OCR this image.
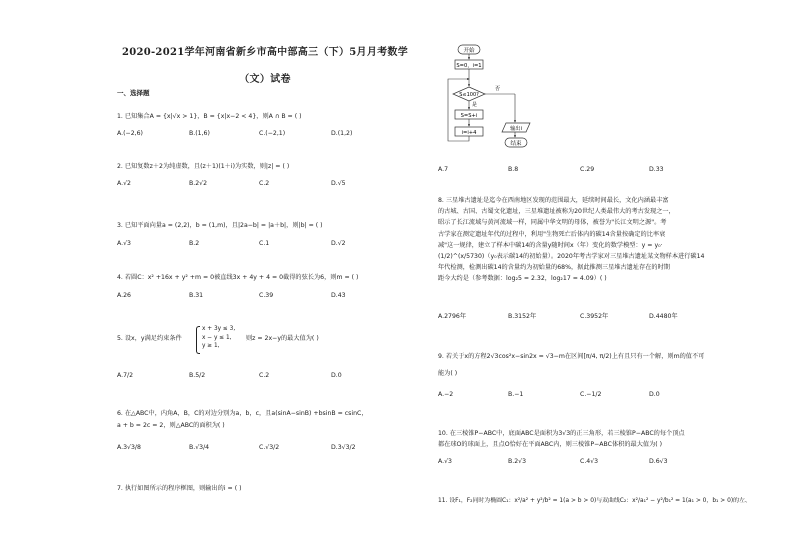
2020-2021学年河南省新乡市高中部高三（下）5月月考数学
（文）试卷
一、选择题
1. 已知集合A = {x|√x > 1}，B = {x|x−2 < 4}，则A ∩ B = ( )
A.(−2,6)	B.(1,6)	C.(−2,1)	D.(1,2)
2. 已知复数z＋2为纯虚数，且(z＋1)(1＋i)为实数，则|z| = ( )
A.√2	B.2√2	C.2	D.√5
3. 已知平面向量a = (2,2)，b = (1,m)，且|2a−b| = |a＋b|，则|b| = ( )
A.√3	B.2	C.1	D.√2
4. 若圆C：x² +16x + y² +m = 0被直线3x + 4y + 4 = 0截得的弦长为6，则m = ( )
A.26	B.31	C.39	D.43
5. 设x，y满足约束条件
x + 3y ≤ 3,
x − y ≤ 1,
y ≥ 1,
则z = 2x−y的最大值为( )
A.7/2	B.5/2	C.2	D.0
6. 在△ABC中，内角A，B，C的对边分别为a，b，c，且a(sinA−sinB) +bsinB = csinC，
a + b = 2c = 2，则△ABC的面积为( )
A.3√3/8	B.√3/4	C.√3/2	D.3√3/2
7. 执行如图所示的程序框图，则输出的i = ( )
开始
S=0，i=1
S≤100?
否
输出i
结束
是
S=S+i
i=i+4
A.7	B.8	C.29	D.33
8. 三星堆古遗址是迄今在西南地区发现的范围最大，延续时间最长，文化内涵最丰富
的古城、古国、古蜀文化遗址，三星堆遗址被称为20世纪人类最伟大的考古发现之一，
昭示了长江流域与黄河流域一样，同属中华文明的母体，被誉为"长江文明之源"。考
古学家在测定遗址年代的过程中，利用"生物死亡后体内的碳14含量按确定的比率衰
减"这一规律，建立了样本中碳14的含量y随时间x（年）变化的数学模型：y = y₀·
(1/2)^(x/5730)（y₀表示碳14的初始量）。2020年考古学家对三星堆古遗址某文物样本进行碳14
年代检测，检测出碳14的含量约为初始量的68%，据此推测三星堆古遗址存在的时期
距今大约是（参考数据：log₂5 = 2.32，log₂17 = 4.09）( )
A.2796年	B.3152年	C.3952年	D.4480年
9. 若关于x的方程2√3cos²x−sin2x = √3−m在区间[π/4, π/2)上有且只有一个解，则m的值不可
能为( )
A.−2	B.−1	C.−1/2	D.0
10. 在三棱锥P−ABC中，底面ABC是面积为3√3的正三角形，若三棱锥P−ABC的每个顶点
都在球O的球面上，且点O恰好在平面ABC内，则三棱锥P−ABC体积的最大值为( )
A.√3	B.2√3	C.4√3	D.6√3
11. 设F₁，F₂同时为椭圆C₁：x²/a² + y²/b² = 1(a > b > 0)与双曲线C₂：x²/a₁² − y²/b₁² = 1(a₁ > 0，b₁ > 0)的左、
